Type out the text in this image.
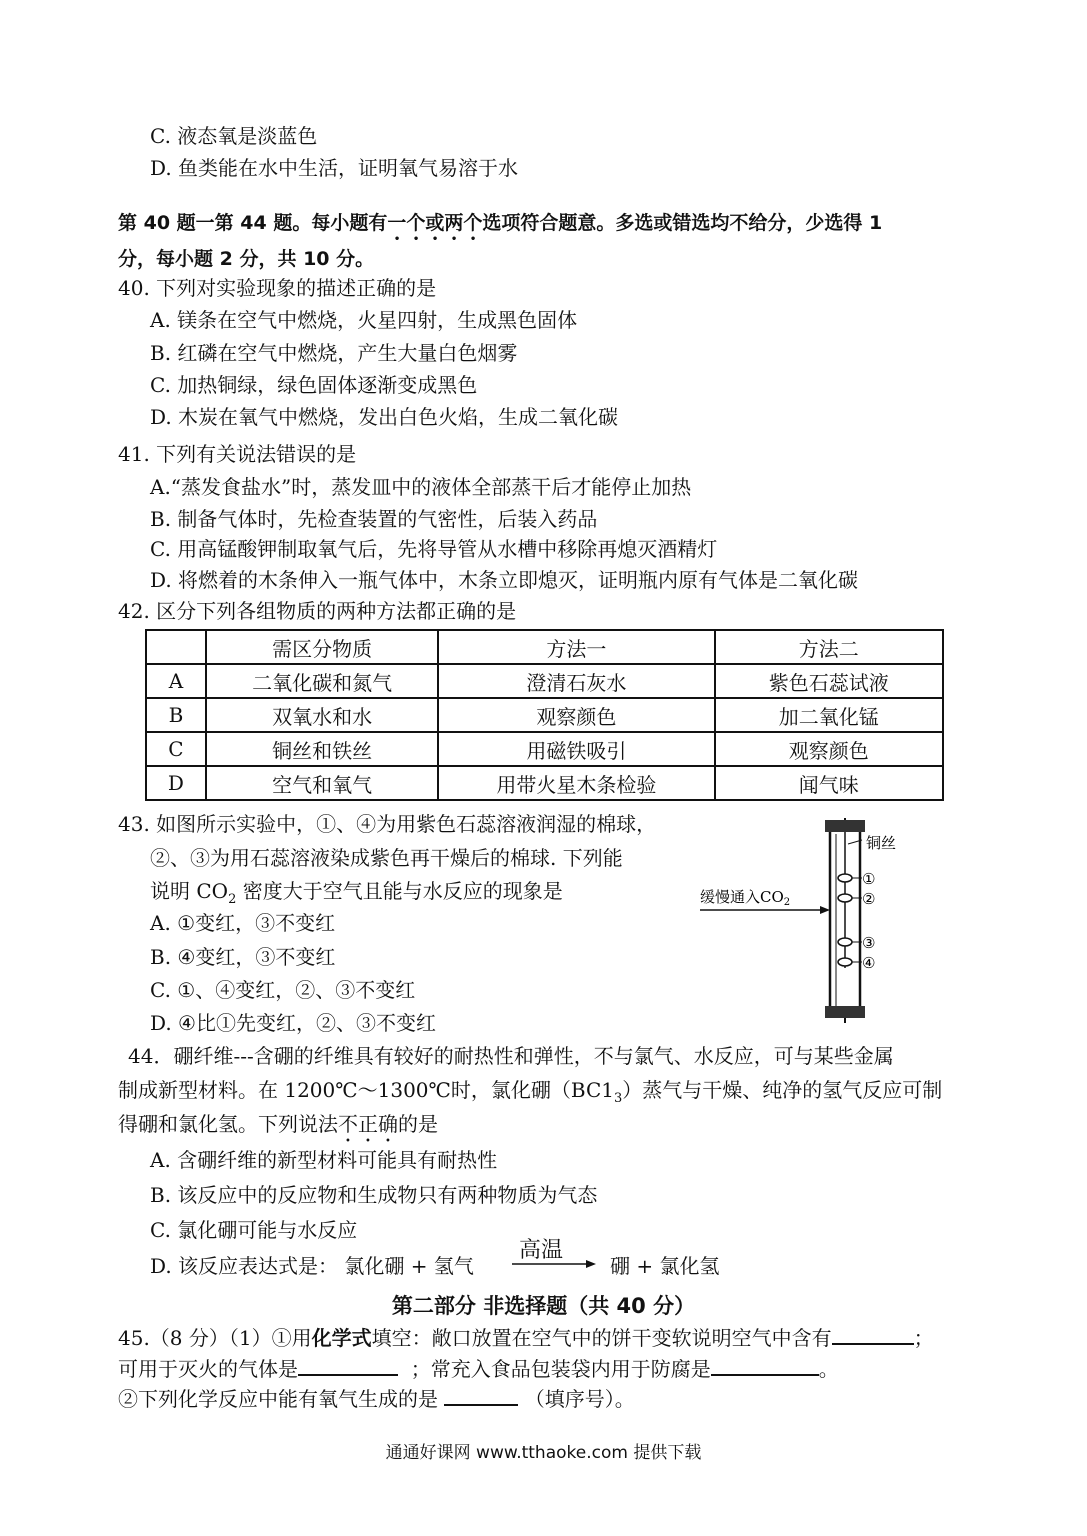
C. 液态氧是淡蓝色
D. 鱼类能在水中生活，证明氧气易溶于水
第 40 题一第 44 题。每小题有一个或两个选项符合题意。多选或错选均不给分，少选得 1
分，每小题 2 分，共 10 分。
40. 下列对实验现象的描述正确的是
A. 镁条在空气中燃烧，火星四射，生成黑色固体
B. 红磷在空气中燃烧，产生大量白色烟雾
C. 加热铜绿，绿色固体逐渐变成黑色
D. 木炭在氧气中燃烧，发出白色火焰，生成二氧化碳
41. 下列有关说法错误的是
A.“蒸发食盐水”时，蒸发皿中的液体全部蒸干后才能停止加热
B. 制备气体时，先检查装置的气密性，后装入药品
C. 用高锰酸钾制取氧气后，先将导管从水槽中移除再熄灭酒精灯
D. 将燃着的木条伸入一瓶气体中，木条立即熄灭，证明瓶内原有气体是二氧化碳
42. 区分下列各组物质的两种方法都正确的是
	需区分物质	方法一	方法二
A	二氧化碳和氮气	澄清石灰水	紫色石蕊试液
B	双氧水和水	观察颜色	加二氧化锰
C	铜丝和铁丝	用磁铁吸引	观察颜色
D	空气和氧气	用带火星木条检验	闻气味
43. 如图所示实验中，①、④为用紫色石蕊溶液润湿的棉球，
②、③为用石蕊溶液染成紫色再干燥后的棉球. 下列能
说明 $CO_2$ 密度大于空气且能与水反应的现象是
A. ①变红，③不变红
B. ④变红，③不变红
C. ①、④变红，②、③不变红
D. ④比①先变红，②、③不变红
铜丝
①
②
③
④
缓慢通入$CO_2$
44．硼纤维---含硼的纤维具有较好的耐热性和弹性，不与氯气、水反应，可与某些金属
制成新型材料。在 1200℃～1300℃时，氯化硼$(BC1_3)$蒸气与干燥、纯净的氢气反应可制
得硼和氯化氢。下列说法不正确的是
A. 含硼纤维的新型材料可能具有耐热性
B. 该反应中的反应物和生成物只有两种物质为气态
C. 氯化硼可能与水反应
D. 该反应表达式是： 氯化硼 + 氢气
高温
硼 + 氯化氢
第二部分 非选择题（共 40 分）
45.（8 分）（1）①用化学式填空：敞口放置在空气中的饼干变软说明空气中含有	；
可用于灭火的气体是	；常充入食品包装袋内用于防腐是	。
②下列化学反应中能有氧气生成的是	（填序号）。
通通好课网 www.tthaoke.com 提供下载
